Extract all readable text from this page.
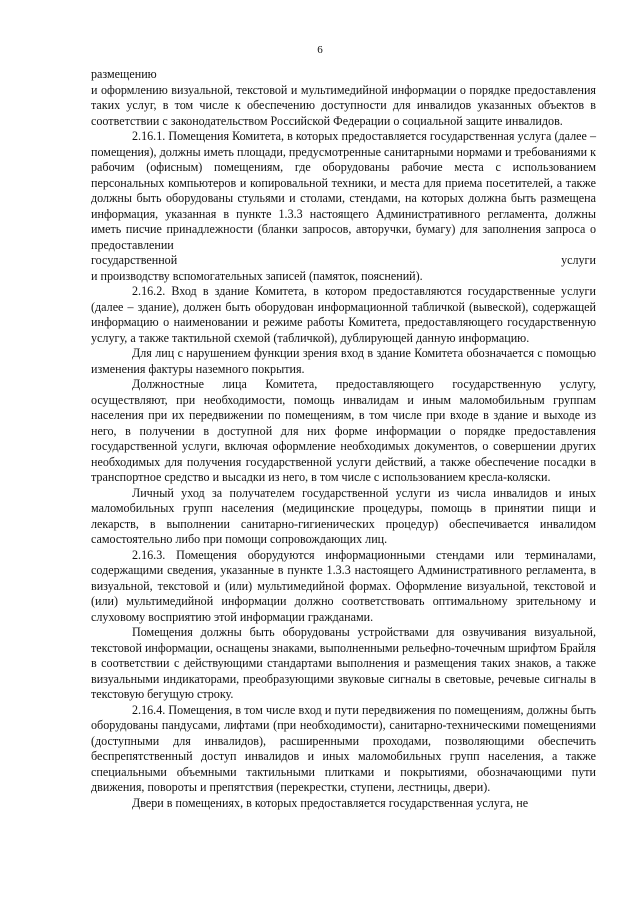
6

размещению

и оформлению визуальной, текстовой и мультимедийной информации о порядке предоставления таких услуг, в том числе к обеспечению доступности для инвалидов указанных объектов в соответствии с законодательством Российской Федерации о социальной защите инвалидов.

2.16.1. Помещения Комитета, в которых предоставляется государственная услуга (далее – помещения), должны иметь площади, предусмотренные санитарными нормами и требованиями к рабочим (офисным) помещениям, где оборудованы рабочие места с использованием персональных компьютеров и копировальной техники, и места для приема посетителей, а также должны быть оборудованы стульями и столами, стендами, на которых должна быть размещена информация, указанная в пункте 1.3.3 настоящего Административного регламента, должны иметь писчие принадлежности (бланки запросов, авторучки, бумагу) для заполнения запроса о предоставлении

государственной	услуги

и производству вспомогательных записей (памяток, пояснений).

2.16.2. Вход в здание Комитета, в котором предоставляются государственные услуги (далее – здание), должен быть оборудован информационной табличкой (вывеской), содержащей информацию о наименовании и режиме работы Комитета, предоставляющего государственную услугу, а также тактильной схемой (табличкой), дублирующей данную информацию.

Для лиц с нарушением функции зрения вход в здание Комитета обозначается с помощью изменения фактуры наземного покрытия.

Должностные лица Комитета, предоставляющего государственную услугу, осуществляют, при необходимости, помощь инвалидам и иным маломобильным группам населения при их передвижении по помещениям, в том числе при входе в здание и выходе из него, в получении в доступной для них форме информации о порядке предоставления государственной услуги, включая оформление необходимых документов, о совершении других необходимых для получения государственной услуги действий, а также обеспечение посадки в транспортное средство и высадки из него, в том числе с использованием кресла-коляски.

Личный уход за получателем государственной услуги из числа инвалидов и иных маломобильных групп населения (медицинские процедуры, помощь в принятии пищи и лекарств, в выполнении санитарно-гигиенических процедур) обеспечивается инвалидом самостоятельно либо при помощи сопровождающих лиц.

2.16.3. Помещения оборудуются информационными стендами или терминалами, содержащими сведения, указанные в пункте 1.3.3 настоящего Административного регламента, в визуальной, текстовой и (или) мультимедийной формах. Оформление визуальной, текстовой и (или) мультимедийной информации должно соответствовать оптимальному зрительному и слуховому восприятию этой информации гражданами.

Помещения должны быть оборудованы устройствами для озвучивания визуальной, текстовой информации, оснащены знаками, выполненными рельефно-точечным шрифтом Брайля в соответствии с действующими стандартами выполнения и размещения таких знаков, а также визуальными индикаторами, преобразующими звуковые сигналы в световые, речевые сигналы в текстовую бегущую строку.

2.16.4. Помещения, в том числе вход и пути передвижения по помещениям, должны быть оборудованы пандусами, лифтами (при необходимости), санитарно-техническими помещениями (доступными для инвалидов), расширенными проходами, позволяющими обеспечить беспрепятственный доступ инвалидов и иных маломобильных групп населения, а также специальными объемными тактильными плитками и покрытиями, обозначающими пути движения, повороты и препятствия (перекрестки, ступени, лестницы, двери).

Двери в помещениях, в которых предоставляется государственная услуга, не
